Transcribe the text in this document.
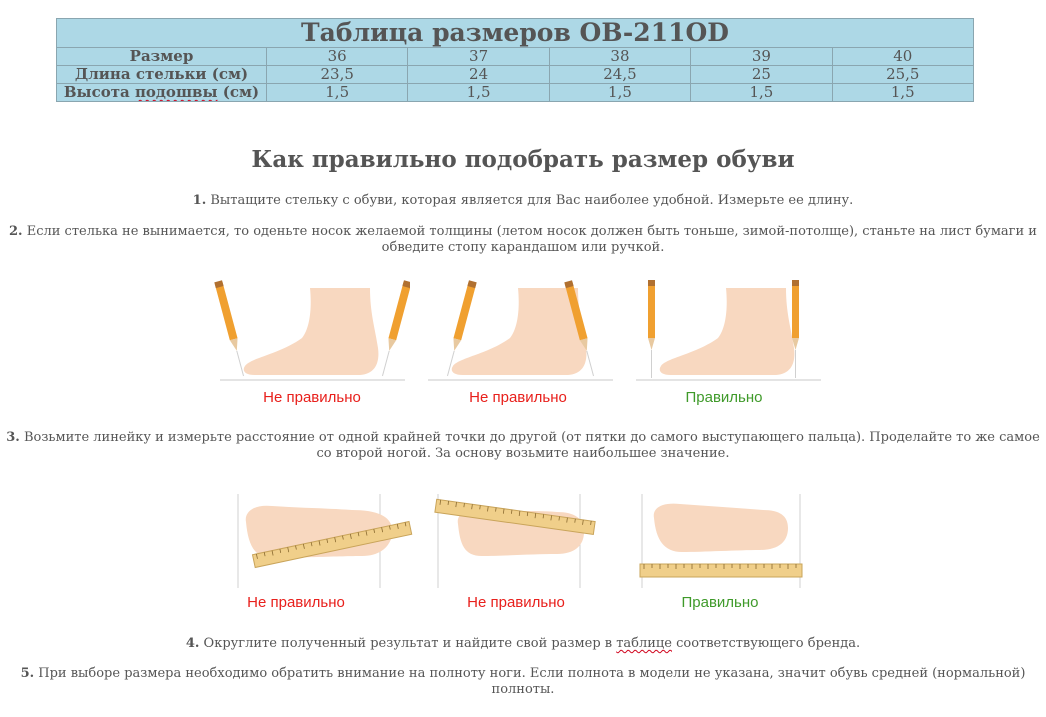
Таблица размеров OB-211OD					
Размер	36	37	38	39	40
Длина стельки (см)	23,5	24	24,5	25	25,5
Высота подошвы (см)	1,5	1,5	1,5	1,5	1,5
Как правильно подобрать размер обуви

1. Вытащите стельку с обуви, которая является для Вас наиболее удобной. Измерьте ее длину.

2. Если стелька не вынимается, то оденьте носок желаемой толщины (летом носок должен быть тоньше, зимой-потолще), станьте на лист бумаги и обведите стопу карандашом или ручкой.

3. Возьмите линейку и измерьте расстояние от одной крайней точки до другой (от пятки до самого выступающего пальца). Проделайте то же самое со второй ногой. За основу возьмите наибольшее значение.

4. Округлите полученный результат и найдите свой размер в таблице соответствующего бренда.

5. При выборе размера необходимо обратить внимание на полноту ноги. Если полнота в модели не указана, значит обувь средней (нормальной) полноты.

Не правильно	Не правильно	Правильно
Не правильно	Не правильно	Правильно
